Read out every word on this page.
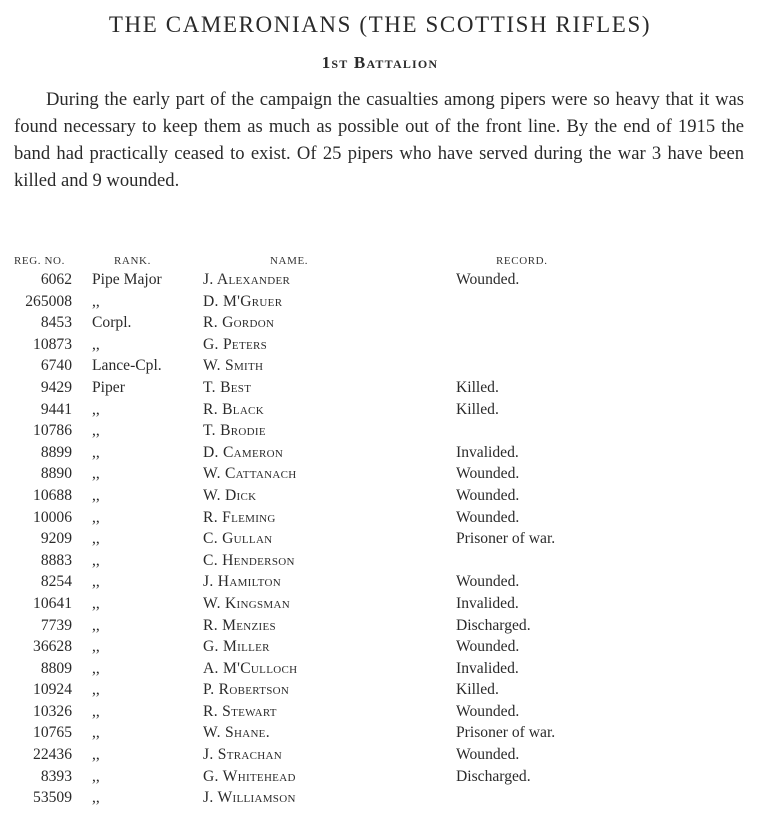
THE CAMERONIANS (THE SCOTTISH RIFLES)
1st Battalion

During the early part of the campaign the casualties among pipers were so heavy that it was found necessary to keep them as much as possible out of the front line. By the end of 1915 the band had practically ceased to exist. Of 25 pipers who have served during the war 3 have been killed and 9 wounded.

REG. NO.	RANK.	NAME.	RECORD.
6062 Pipe Major	J. Alexander	Wounded.
265008 ,,	D. M'Gruer
8453 Corpl.	R. Gordon
10873 ,,	G. Peters
6740 Lance-Cpl.	W. Smith
9429 Piper	T. Best	Killed.
9441 ,,	R. Black	Killed.
10786 ,,	T. Brodie
8899 ,,	D. Cameron	Invalided.
8890 ,,	W. Cattanach	Wounded.
10688 ,,	W. Dick	Wounded.
10006 ,,	R. Fleming	Wounded.
9209 ,,	C. Gullan	Prisoner of war.
8883 ,,	C. Henderson
8254 ,,	J. Hamilton	Wounded.
10641 ,,	W. Kingsman	Invalided.
7739 ,,	R. Menzies	Discharged.
36628 ,,	G. Miller	Wounded.
8809 ,,	A. M'Culloch	Invalided.
10924 ,,	P. Robertson	Killed.
10326 ,,	R. Stewart	Wounded.
10765 ,,	W. Shane.	Prisoner of war.
22436 ,,	J. Strachan	Wounded.
8393 ,,	G. Whitehead	Discharged.
53509 ,,	J. Williamson
